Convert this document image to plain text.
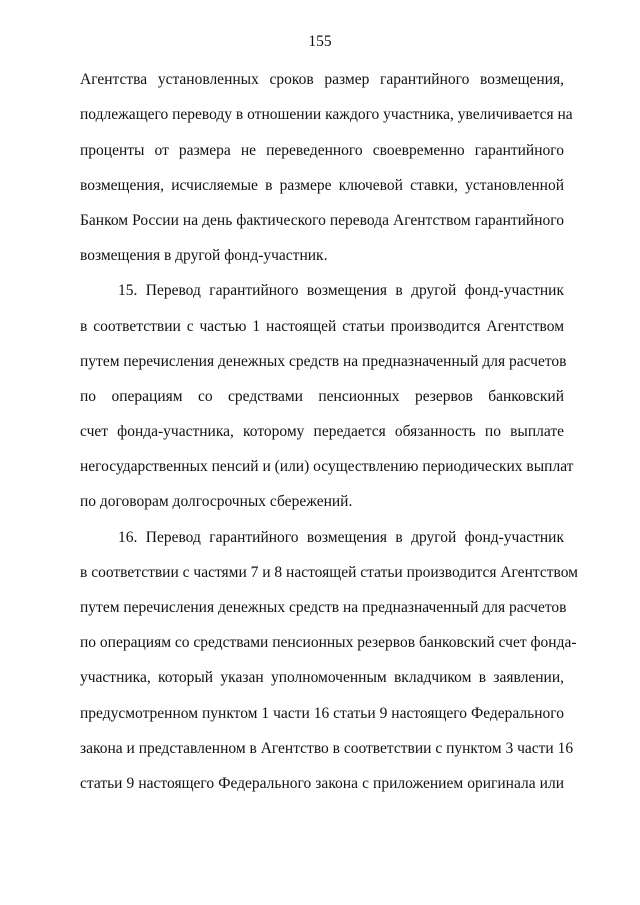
155
Агентства установленных сроков размер гарантийного возмещения,
подлежащего переводу в отношении каждого участника, увеличивается на
проценты от размера не переведенного своевременно гарантийного
возмещения, исчисляемые в размере ключевой ставки, установленной
Банком России на день фактического перевода Агентством гарантийного
возмещения в другой фонд-участник.
15. Перевод гарантийного возмещения в другой фонд-участник
в соответствии с частью 1 настоящей статьи производится Агентством
путем перечисления денежных средств на предназначенный для расчетов
по операциям со средствами пенсионных резервов банковский
счет фонда-участника, которому передается обязанность по выплате
негосударственных пенсий и (или) осуществлению периодических выплат
по договорам долгосрочных сбережений.
16. Перевод гарантийного возмещения в другой фонд-участник
в соответствии с частями 7 и 8 настоящей статьи производится Агентством
путем перечисления денежных средств на предназначенный для расчетов
по операциям со средствами пенсионных резервов банковский счет фонда-
участника, который указан уполномоченным вкладчиком в заявлении,
предусмотренном пунктом 1 части 16 статьи 9 настоящего Федерального
закона и представленном в Агентство в соответствии с пунктом 3 части 16
статьи 9 настоящего Федерального закона с приложением оригинала или
